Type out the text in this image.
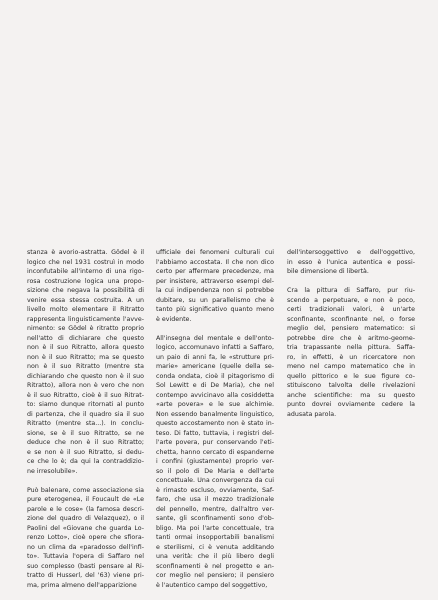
stanza è avorio-astratta. Gödel è il
logico che nel 1931 costruì in modo
inconfutabile all'interno di una rigo-
rosa costruzione logica una propo-
sizione che negava la possibilità di
venire essa stessa costruita. A un
livello molto elementare il Ritratto
rappresenta linguisticamente l'avve-
nimento: se Gödel è ritratto proprio
nell'atto di dichiarare che questo
non è il suo Ritratto, allora questo
non è il suo Ritratto; ma se questo
non è il suo Ritratto (mentre sta
dichiarando che questo non è il suo
Ritratto), allora non è vero che non
è il suo Ritratto, cioè è il suo Ritrat-
to: siamo dunque ritornati al punto
di partenza, che il quadro sia il suo
Ritratto (mentre sta...). In conclu-
sione, se è il suo Ritratto, se ne
deduce che non è il suo Ritratto;
e se non è il suo Ritratto, si dedu-
ce che lo è; da qui la contraddizio-
ne irresolubile».
Può balenare, come associazione sia
pure eterogenea, il Foucault de «Le
parole e le cose» (la famosa descri-
zione del quadro di Velazquez), o il
Paolini del «Giovane che guarda Lo-
renzo Lotto», cioè opere che sfiora-
no un clima da «paradosso dell'infi-
to». Tuttavia l'opera di Saffaro nel
suo complesso (basti pensare al Ri-
tratto di Husserl, del '63) viene pri-
ma, prima almeno dell'apparizione
ufficiale dei fenomeni culturali cui
l'abbiamo accostata. Il che non dico
certo per affermare precedenze, ma
per insistere, attraverso esempi del-
la cui indipendenza non si potrebbe
dubitare, su un parallelismo che è
tanto più significativo quanto meno
è evidente.
All'insegna del mentale e dell'onto-
logico, accomunavo infatti a Saffaro,
un paio di anni fa, le «strutture pri-
marie» americane (quelle della se-
conda ondata, cioè il pitagorismo di
Sol Lewitt e di De Maria), che nel
contempo avvicinavo alla cosiddetta
«arte povera» e le sue alchimie.
Non essendo banalmente linguistico,
questo accostamento non è stato in-
teso. Di fatto, tuttavia, i registri del-
l'arte povera, pur conservando l'eti-
chetta, hanno cercato di espanderne
i confini (giustamente) proprio ver-
so il polo di De Maria e dell'arte
concettuale. Una convergenza da cui
è rimasto escluso, ovviamente, Saf-
faro, che usa il mezzo tradizionale
del pennello, mentre, dall'altro ver-
sante, gli sconfinamenti sono d'ob-
bligo. Ma poi l'arte concettuale, tra
tanti ormai insopportabili banalismi
e sterilismi, ci è venuta additando
una verità: che il più libero degli
sconfinamenti è nel progetto e an-
cor meglio nel pensiero; il pensiero
è l'autentico campo del soggettivo,
dell'intersoggettivo e dell'oggettivo,
in esso è l'unica autentica e possi-
bile dimensione di libertà.
Cra la pittura di Saffaro, pur riu-
scendo a perpetuare, e non è poco,
certi tradizionali valori, è un'arte
sconfinante, sconfinante nel, o forse
meglio del, pensiero matematico: si
potrebbe dire che è aritmo-geome-
tria trapassante nella pittura. Saffa-
ro, in effetti, è un ricercatore non
meno nel campo matematico che in
quello pittorico e le sue figure co-
stituiscono talvolta delle rivelazioni
anche scientifiche: ma su questo
punto dovrei ovviamente cedere la
adusata parola.
